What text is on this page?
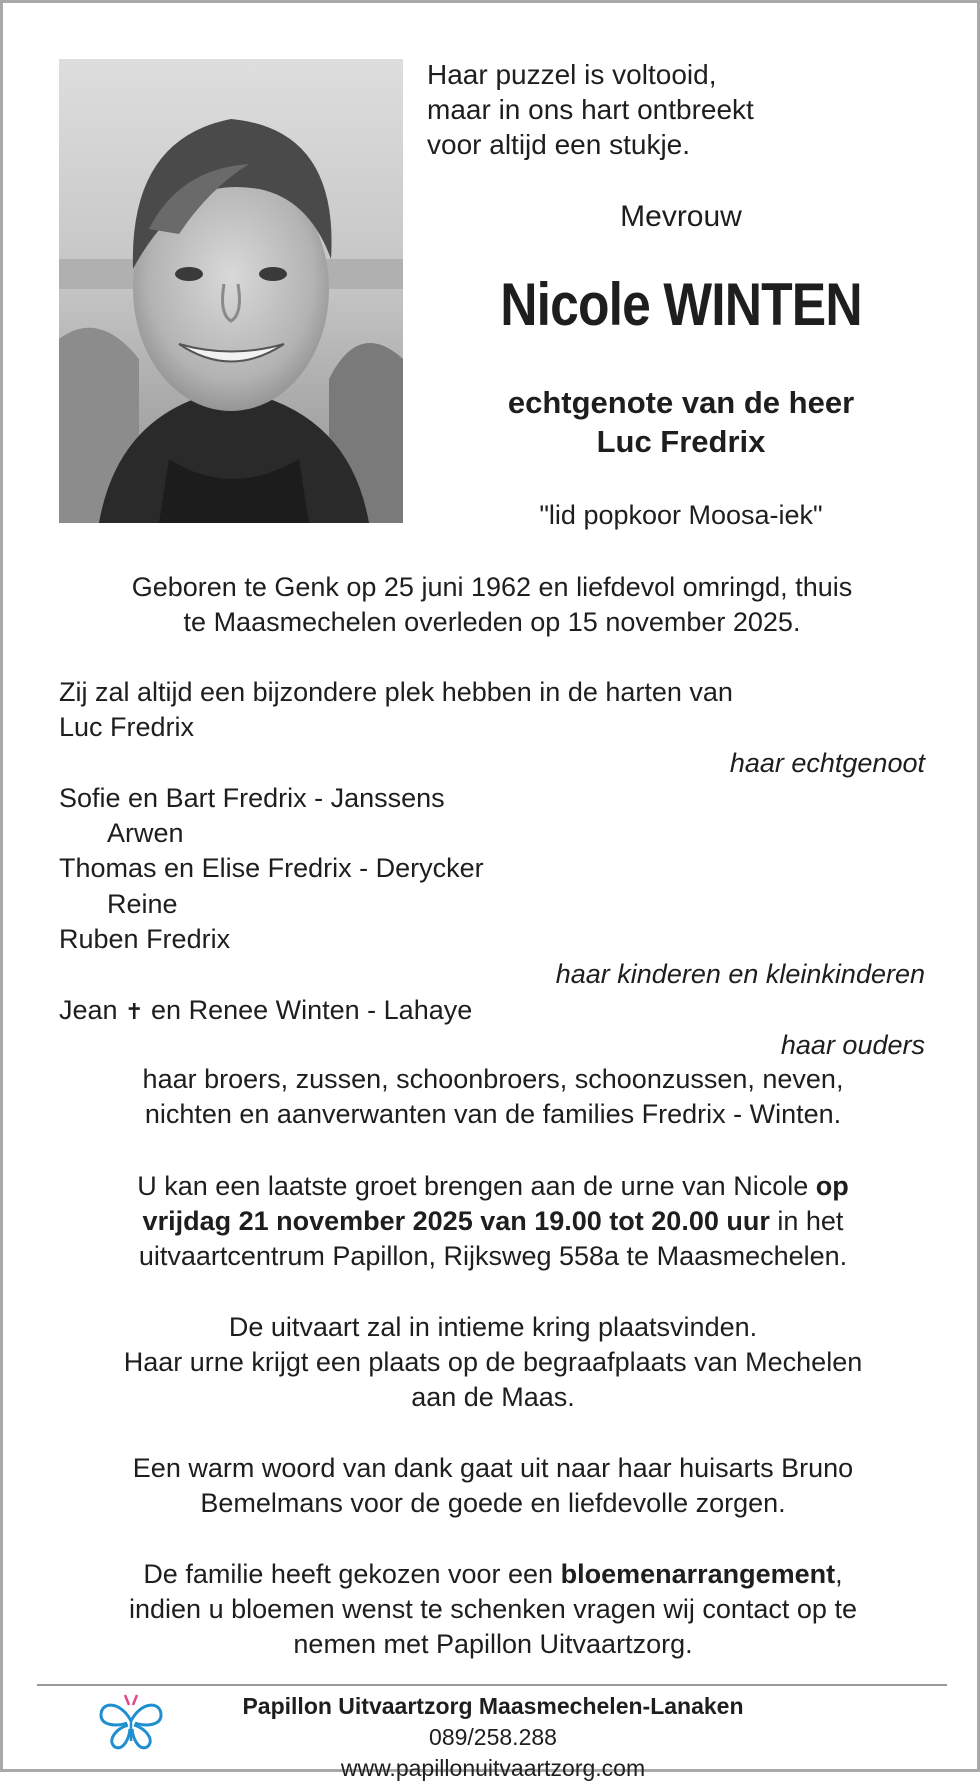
Haar puzzel is voltooid,
maar in ons hart ontbreekt
voor altijd een stukje.
Mevrouw
Nicole WINTEN
echtgenote van de heer
Luc Fredrix
"lid popkoor Moosa-iek"
Geboren te Genk op 25 juni 1962 en liefdevol omringd, thuis
te Maasmechelen overleden op 15 november 2025.
Zij zal altijd een bijzondere plek hebben in de harten van
Luc Fredrix
haar echtgenoot
Sofie en Bart Fredrix - Janssens
Arwen
Thomas en Elise Fredrix - Derycker
Reine
Ruben Fredrix
haar kinderen en kleinkinderen
Jean ✝ en Renee Winten - Lahaye
haar ouders
haar broers, zussen, schoonbroers, schoonzussen, neven,
nichten en aanverwanten van de families Fredrix - Winten.
U kan een laatste groet brengen aan de urne van Nicole op
vrijdag 21 november 2025 van 19.00 tot 20.00 uur in het
uitvaartcentrum Papillon, Rijksweg 558a te Maasmechelen.
De uitvaart zal in intieme kring plaatsvinden.
Haar urne krijgt een plaats op de begraafplaats van Mechelen
aan de Maas.
Een warm woord van dank gaat uit naar haar huisarts Bruno
Bemelmans voor de goede en liefdevolle zorgen.
De familie heeft gekozen voor een bloemenarrangement,
indien u bloemen wenst te schenken vragen wij contact op te
nemen met Papillon Uitvaartzorg.
Papillon Uitvaartzorg Maasmechelen-Lanaken 089/258.288
www.papillonuitvaartzorg.com
